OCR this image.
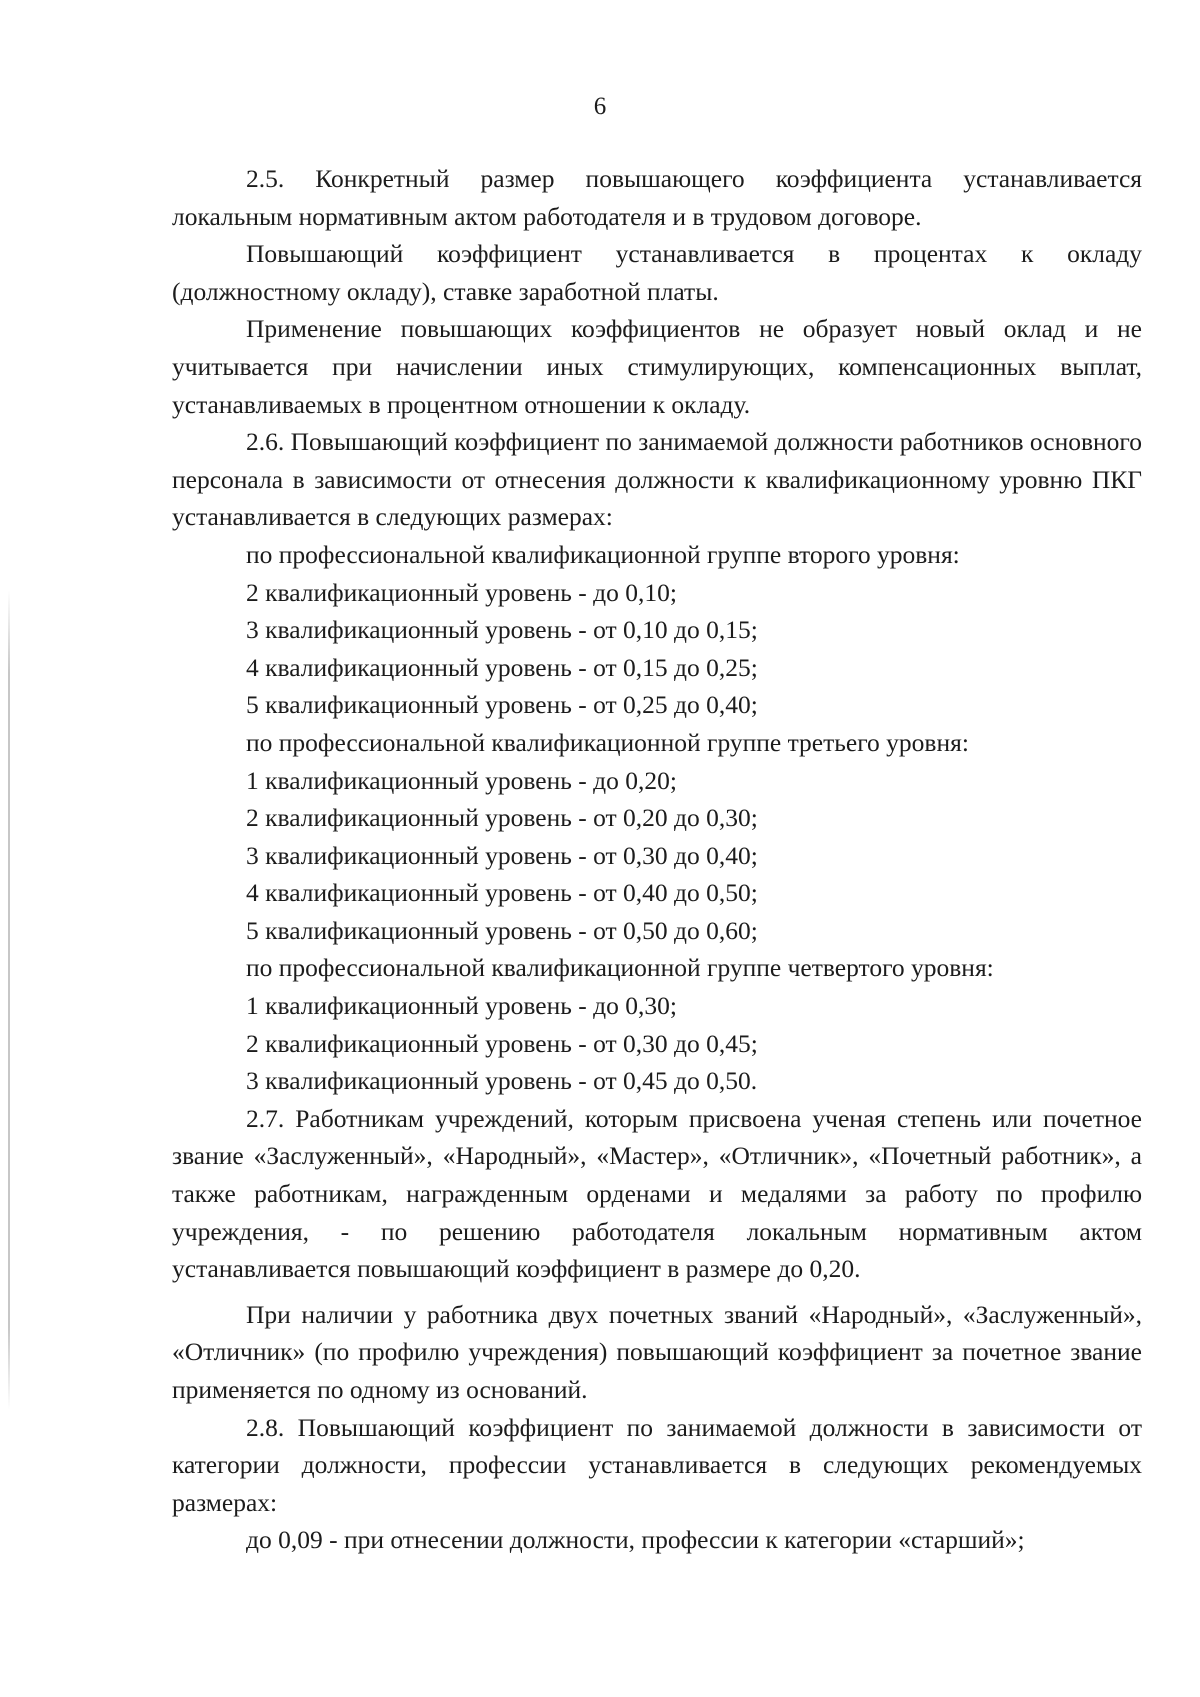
6

2.5. Конкретный размер повышающего коэффициента устанавливается локальным нормативным актом работодателя и в трудовом договоре.

Повышающий коэффициент устанавливается в процентах к окладу (должностному окладу), ставке заработной платы.

Применение повышающих коэффициентов не образует новый оклад и не учитывается при начислении иных стимулирующих, компенсационных выплат, устанавливаемых в процентном отношении к окладу.

2.6. Повышающий коэффициент по занимаемой должности работников основного персонала в зависимости от отнесения должности к квалификационному уровню ПКГ устанавливается в следующих размерах:

по профессиональной квалификационной группе второго уровня:

2 квалификационный уровень - до 0,10;

3 квалификационный уровень - от 0,10 до 0,15;

4 квалификационный уровень - от 0,15 до 0,25;

5 квалификационный уровень - от 0,25 до 0,40;

по профессиональной квалификационной группе третьего уровня:

1 квалификационный уровень - до 0,20;

2 квалификационный уровень - от 0,20 до 0,30;

3 квалификационный уровень - от 0,30 до 0,40;

4 квалификационный уровень - от 0,40 до 0,50;

5 квалификационный уровень - от 0,50 до 0,60;

по профессиональной квалификационной группе четвертого уровня:

1 квалификационный уровень - до 0,30;

2 квалификационный уровень - от 0,30 до 0,45;

3 квалификационный уровень - от 0,45 до 0,50.

2.7. Работникам учреждений, которым присвоена ученая степень или почетное звание «Заслуженный», «Народный», «Мастер», «Отличник», «Почетный работник», а также работникам, награжденным орденами и медалями за работу по профилю учреждения, - по решению работодателя локальным нормативным актом устанавливается повышающий коэффициент в размере до 0,20.

При наличии у работника двух почетных званий «Народный», «Заслуженный», «Отличник» (по профилю учреждения) повышающий коэффициент за почетное звание применяется по одному из оснований.

2.8. Повышающий коэффициент по занимаемой должности в зависимости от категории должности, профессии устанавливается в следующих рекомендуемых размерах:

до 0,09 - при отнесении должности, профессии к категории «старший»;
